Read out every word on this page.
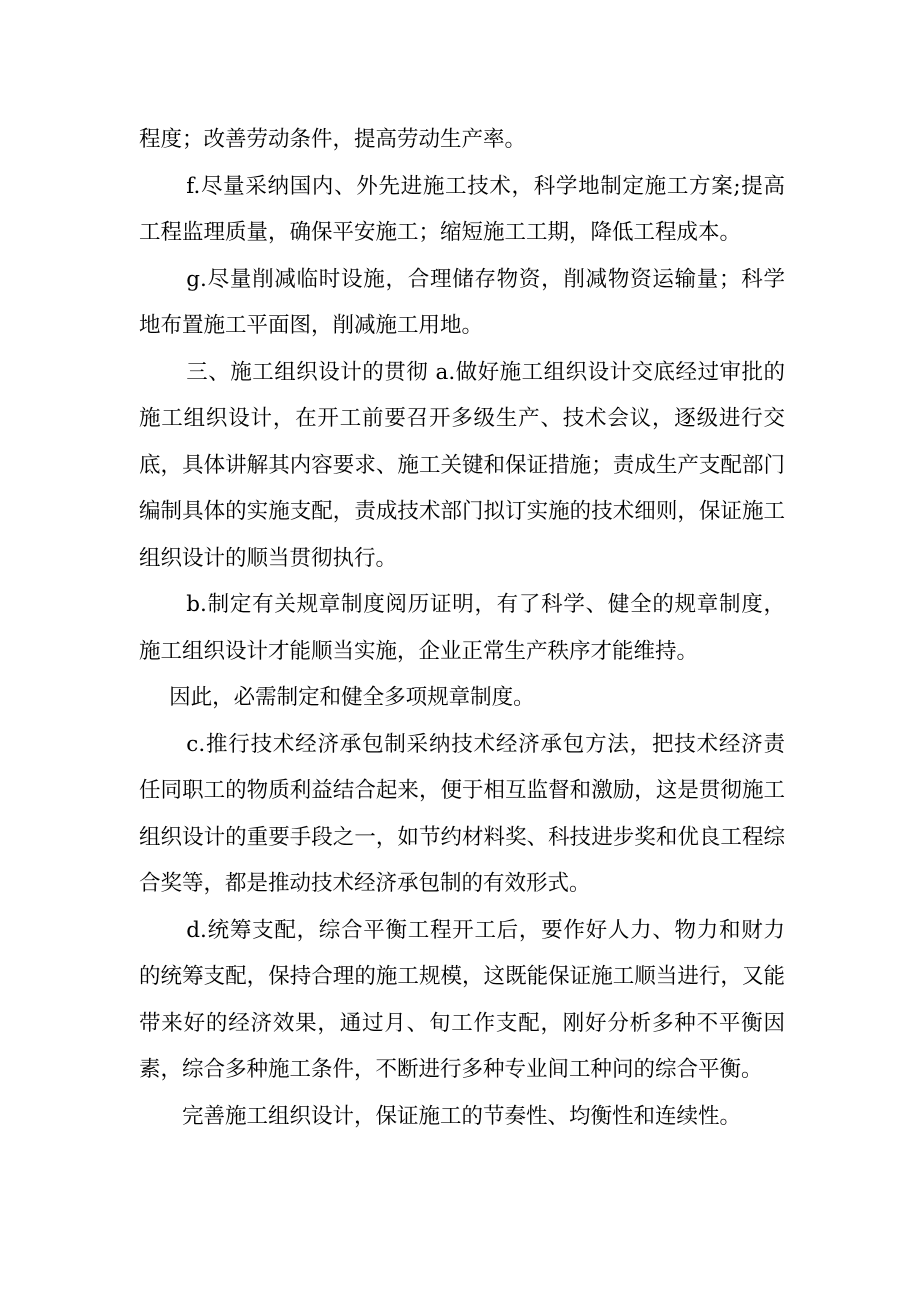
程度；改善劳动条件，提高劳动生产率。

f.尽量采纳国内、外先进施工技术，科学地制定施工方案;提高工程监理质量，确保平安施工；缩短施工工期，降低工程成本。

g.尽量削减临时设施，合理储存物资，削减物资运输量；科学地布置施工平面图，削减施工用地。

三、施工组织设计的贯彻 a.做好施工组织设计交底经过审批的施工组织设计，在开工前要召开多级生产、技术会议，逐级进行交底，具体讲解其内容要求、施工关键和保证措施；责成生产支配部门编制具体的实施支配，责成技术部门拟订实施的技术细则，保证施工组织设计的顺当贯彻执行。

b.制定有关规章制度阅历证明，有了科学、健全的规章制度，施工组织设计才能顺当实施，企业正常生产秩序才能维持。

因此，必需制定和健全多项规章制度。

c.推行技术经济承包制采纳技术经济承包方法，把技术经济责任同职工的物质利益结合起来，便于相互监督和激励，这是贯彻施工组织设计的重要手段之一，如节约材料奖、科技进步奖和优良工程综合奖等，都是推动技术经济承包制的有效形式。

d.统筹支配，综合平衡工程开工后，要作好人力、物力和财力的统筹支配，保持合理的施工规模，这既能保证施工顺当进行，又能带来好的经济效果，通过月、旬工作支配，刚好分析多种不平衡因素，综合多种施工条件，不断进行多种专业间工种问的综合平衡。

完善施工组织设计，保证施工的节奏性、均衡性和连续性。
